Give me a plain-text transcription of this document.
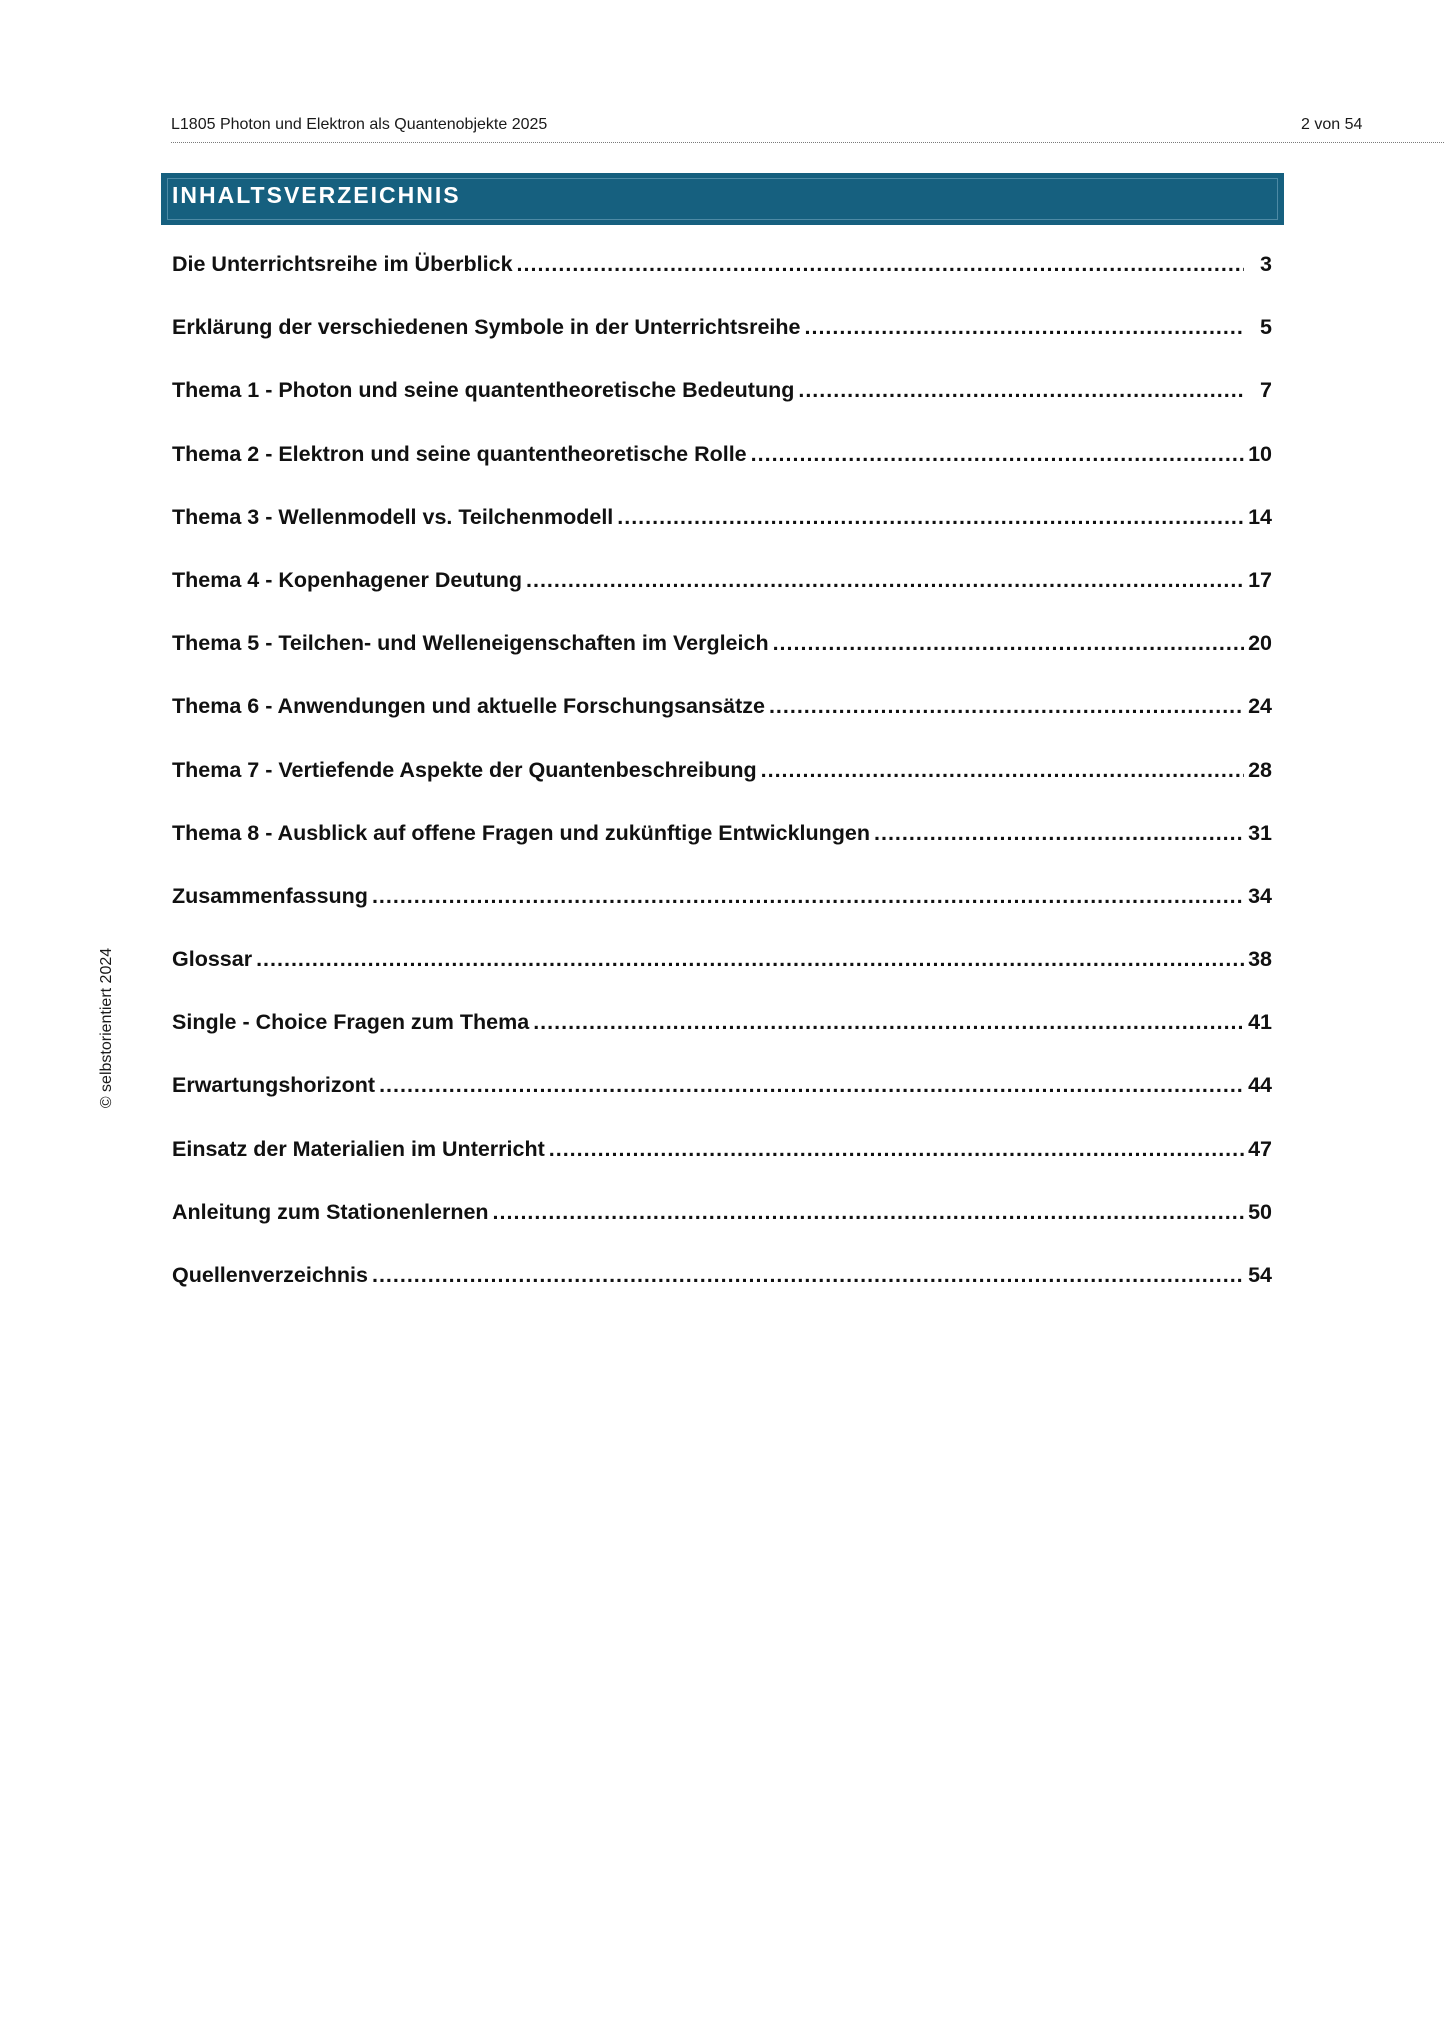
L1805 Photon und Elektron als Quantenobjekte 2025	2 von 54
INHALTSVERZEICHNIS
© selbstorientiert 2024
Die Unterrichtsreihe im Überblick .....	3
Erklärung der verschiedenen Symbole in der Unterrichtsreihe .....	5
Thema 1 - Photon und seine quantentheoretische Bedeutung .....	7
Thema 2 - Elektron und seine quantentheoretische Rolle .....	10
Thema 3 - Wellenmodell vs. Teilchenmodell .....	14
Thema 4 - Kopenhagener Deutung .....	17
Thema 5 - Teilchen- und Welleneigenschaften im Vergleich .....	20
Thema 6 - Anwendungen und aktuelle Forschungsansätze .....	24
Thema 7 - Vertiefende Aspekte der Quantenbeschreibung .....	28
Thema 8 - Ausblick auf offene Fragen und zukünftige Entwicklungen .....	31
Zusammenfassung .....	34
Glossar .....	38
Single - Choice Fragen zum Thema .....	41
Erwartungshorizont .....	44
Einsatz der Materialien im Unterricht .....	47
Anleitung zum Stationenlernen .....	50
Quellenverzeichnis .....	54
